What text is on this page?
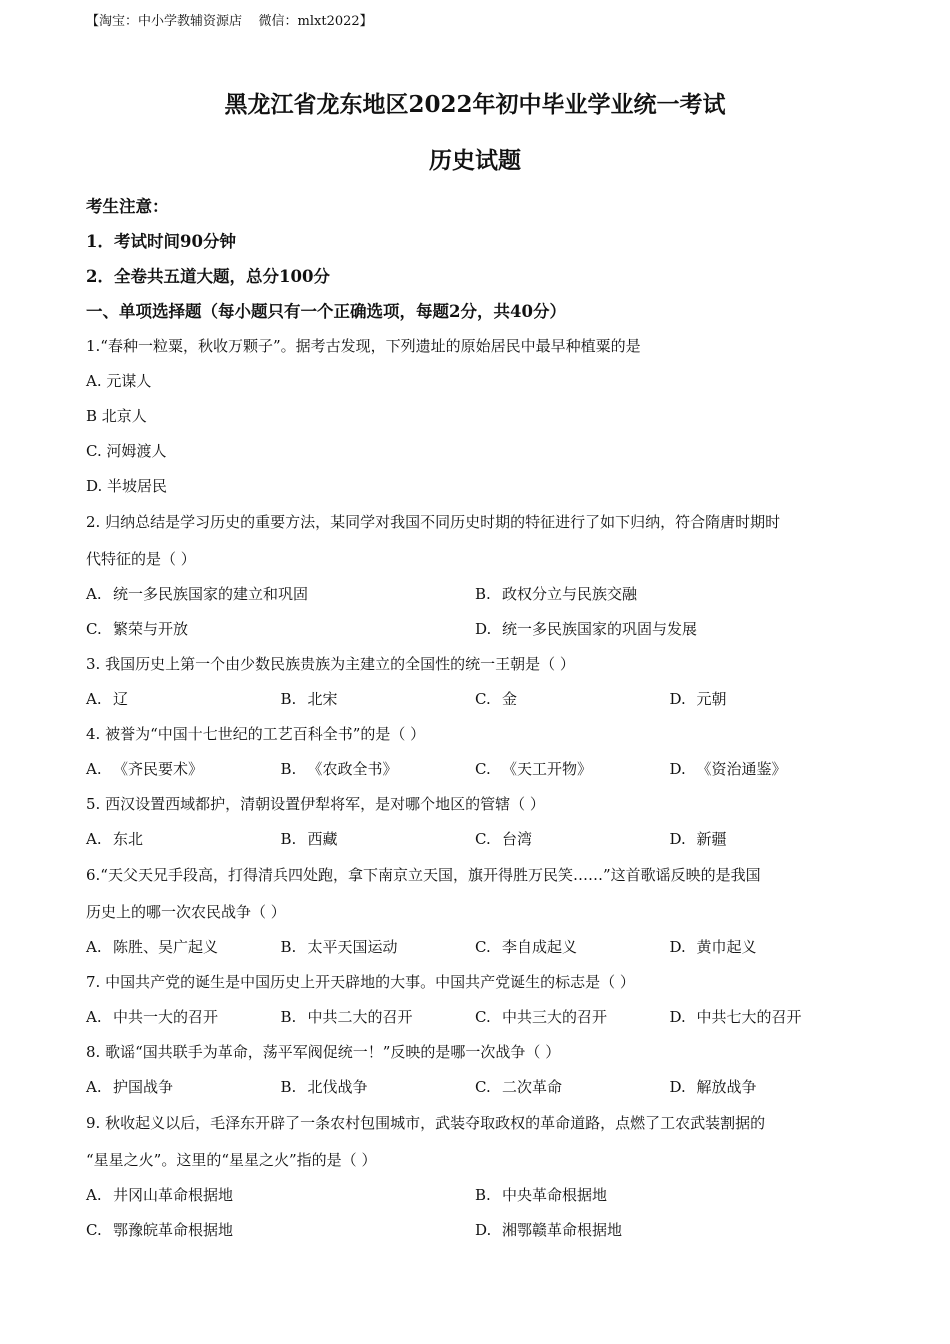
【淘宝：中小学教辅资源店    微信：mlxt2022】
黑龙江省龙东地区2022年初中毕业学业统一考试
历史试题
考生注意：
1．考试时间90分钟
2．全卷共五道大题，总分100分
一、单项选择题（每小题只有一个正确选项，每题2分，共40分）
1.“春种一粒粟，秋收万颗子”。据考古发现，下列遗址的原始居民中最早种植粟的是
A. 元谋人
B 北京人
C. 河姆渡人
D. 半坡居民
2. 归纳总结是学习历史的重要方法，某同学对我国不同历史时期的特征进行了如下归纳，符合隋唐时期时
代特征的是（ ）
A. 统一多民族国家的建立和巩固	B. 政权分立与民族交融
C. 繁荣与开放	D. 统一多民族国家的巩固与发展
3. 我国历史上第一个由少数民族贵族为主建立的全国性的统一王朝是（ ）
A. 辽	B. 北宋	C. 金	D. 元朝
4. 被誉为“中国十七世纪的工艺百科全书”的是（ ）
A. 《齐民要术》	B. 《农政全书》	C. 《天工开物》	D. 《资治通鉴》
5. 西汉设置西域都护，清朝设置伊犁将军，是对哪个地区的管辖（ ）
A. 东北	B. 西藏	C. 台湾	D. 新疆
6.“天父天兄手段高，打得清兵四处跑，拿下南京立天国，旗开得胜万民笑……”这首歌谣反映的是我国
历史上的哪一次农民战争（ ）
A. 陈胜、吴广起义	B. 太平天国运动	C. 李自成起义	D. 黄巾起义
7. 中国共产党的诞生是中国历史上开天辟地的大事。中国共产党诞生的标志是（ ）
A. 中共一大的召开	B. 中共二大的召开	C. 中共三大的召开	D. 中共七大的召开
8. 歌谣“国共联手为革命，荡平军阀促统一！”反映的是哪一次战争（ ）
A. 护国战争	B. 北伐战争	C. 二次革命	D. 解放战争
9. 秋收起义以后，毛泽东开辟了一条农村包围城市，武装夺取政权的革命道路，点燃了工农武装割据的
“星星之火”。这里的“星星之火”指的是（ ）
A. 井冈山革命根据地	B. 中央革命根据地
C. 鄂豫皖革命根据地	D. 湘鄂赣革命根据地
